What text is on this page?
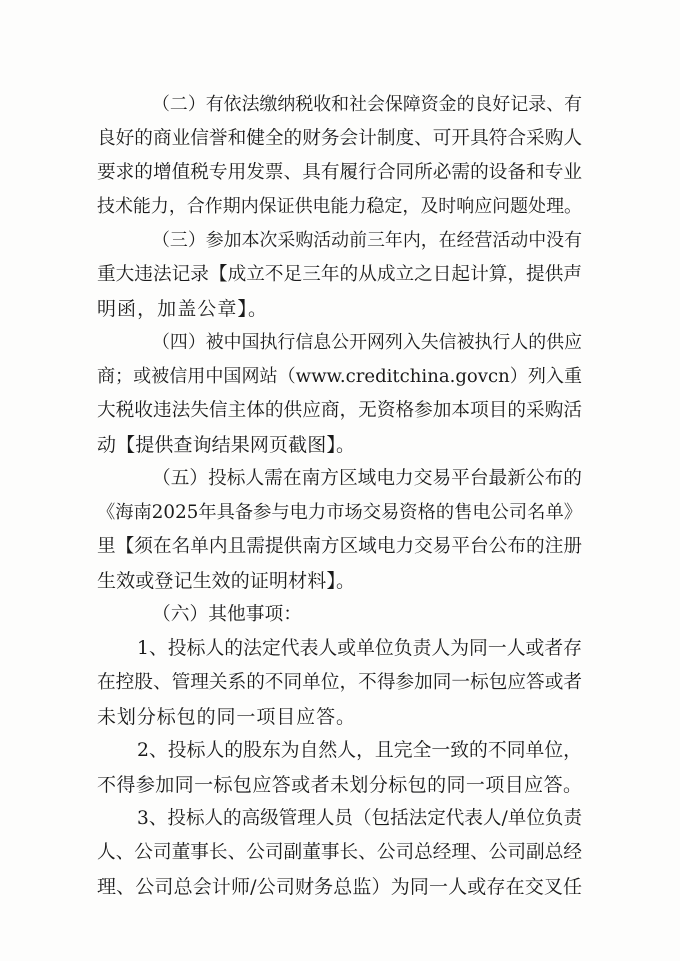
（二）有依法缴纳税收和社会保障资金的良好记录、有
良好的商业信誉和健全的财务会计制度、可开具符合采购人
要求的增值税专用发票、具有履行合同所必需的设备和专业
技术能力，合作期内保证供电能力稳定，及时响应问题处理。
（三）参加本次采购活动前三年内，在经营活动中没有
重大违法记录【成立不足三年的从成立之日起计算，提供声
明函，加盖公章】。
（四）被中国执行信息公开网列入失信被执行人的供应
商；或被信用中国网站（www.creditchina.govcn）列入重
大税收违法失信主体的供应商，无资格参加本项目的采购活
动【提供查询结果网页截图】。
（五）投标人需在南方区域电力交易平台最新公布的
《海南2025年具备参与电力市场交易资格的售电公司名单》
里【须在名单内且需提供南方区域电力交易平台公布的注册
生效或登记生效的证明材料】。
（六）其他事项：
1、投标人的法定代表人或单位负责人为同一人或者存
在控股、管理关系的不同单位，不得参加同一标包应答或者
未划分标包的同一项目应答。
2、投标人的股东为自然人，且完全一致的不同单位，
不得参加同一标包应答或者未划分标包的同一项目应答。
3、投标人的高级管理人员（包括法定代表人/单位负责
人、公司董事长、公司副董事长、公司总经理、公司副总经
理、公司总会计师/公司财务总监）为同一人或存在交叉任
